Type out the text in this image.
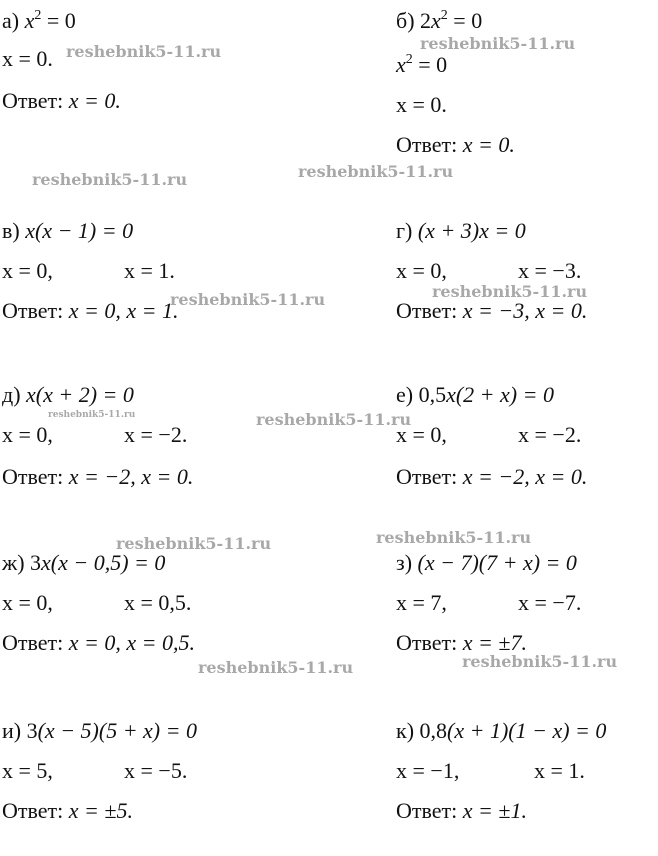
а) $x^2 = 0$
x = 0.
Ответ: x = 0.
б) $2x^2 = 0$
$x^2 = 0$
x = 0.
Ответ: x = 0.
в) x(x − 1) = 0
x = 0,	x = 1.
Ответ: x = 0, x = 1.
г) (x + 3)x = 0
x = 0,	x = −3.
Ответ: x = −3, x = 0.
д) x(x + 2) = 0
x = 0,	x = −2.
Ответ: x = −2, x = 0.
е) 0,5x(2 + x) = 0
x = 0,	x = −2.
Ответ: x = −2, x = 0.
ж) 3x(x − 0,5) = 0
x = 0,	x = 0,5.
Ответ: x = 0, x = 0,5.
з) (x − 7)(7 + x) = 0
x = 7,	x = −7.
Ответ: x = ±7.
и) 3(x − 5)(5 + x) = 0
x = 5,	x = −5.
Ответ: x = ±5.
к) 0,8(x + 1)(1 − x) = 0
x = −1,	x = 1.
Ответ: x = ±1.
reshebnik5-11.ru	reshebnik5-11.ru
reshebnik5-11.ru	reshebnik5-11.ru
reshebnik5-11.ru	reshebnik5-11.ru
reshebnik5-11.ru	reshebnik5-11.ru
reshebnik5-11.ru	reshebnik5-11.ru
reshebnik5-11.ru	reshebnik5-11.ru
